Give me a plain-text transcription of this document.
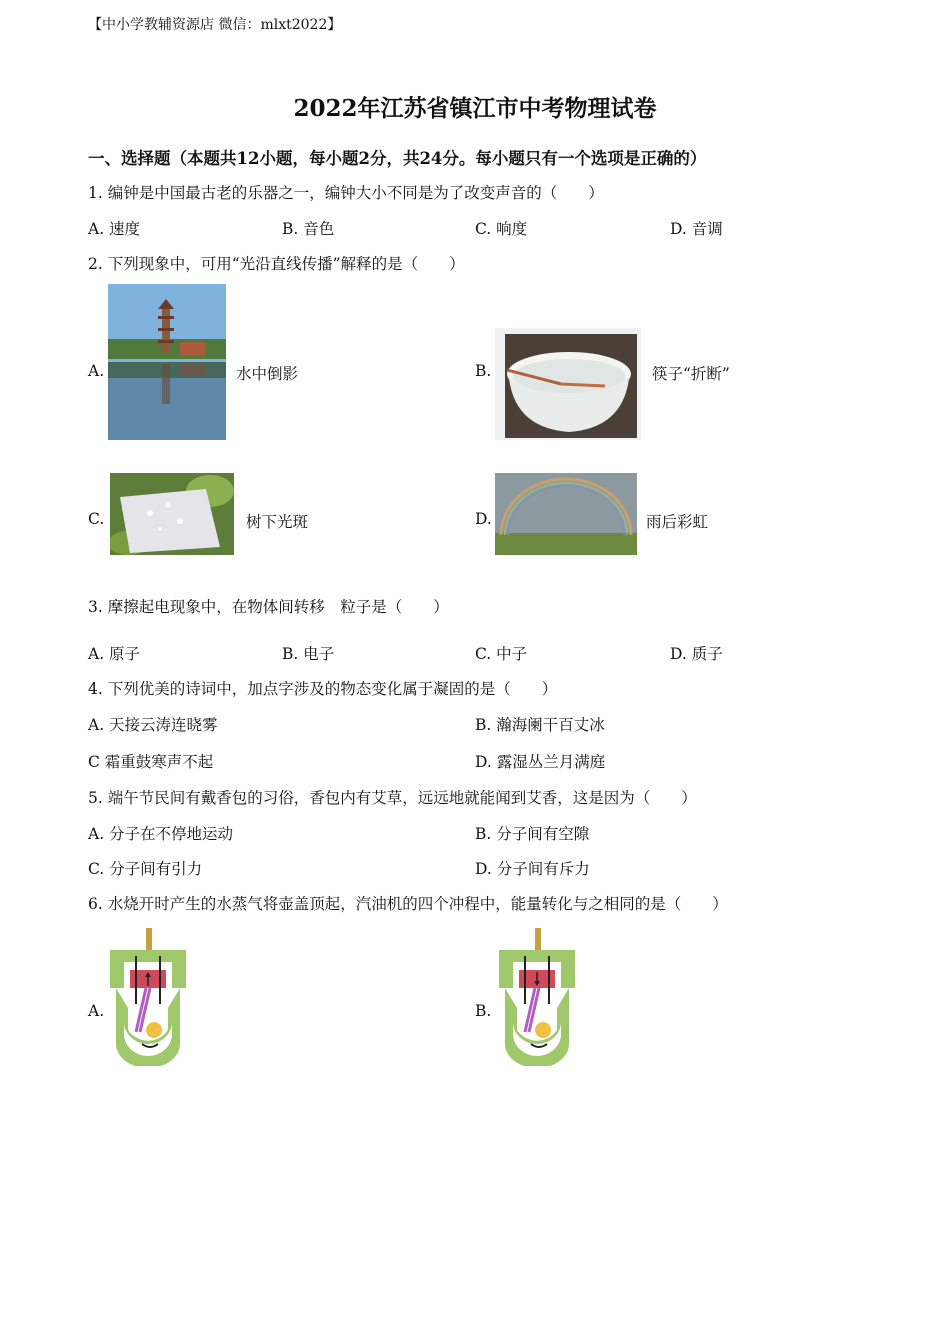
【中小学教辅资源店 微信：mlxt2022】
2022年江苏省镇江市中考物理试卷
一、选择题（本题共12小题，每小题2分，共24分。每小题只有一个选项是正确的）
1. 编钟是中国最古老的乐器之一，编钟大小不同是为了改变声音的（　　）
A. 速度	B. 音色	C. 响度	D. 音调
2. 下列现象中，可用“光沿直线传播”解释的是（　　）
A.	水中倒影	B.	筷子“折断”
C.	树下光斑	D.	雨后彩虹
3. 摩擦起电现象中，在物体间转移　粒子是（　　）
A. 原子	B. 电子	C. 中子	D. 质子
4. 下列优美的诗词中，加点字涉及的物态变化属于凝固的是（　　）
A. 天接云涛连晓雾	B. 瀚海阑干百丈冰
C 霜重鼓寒声不起	D. 露湿丛兰月满庭
5. 端午节民间有戴香包的习俗，香包内有艾草，远远地就能闻到艾香，这是因为（　　）
A. 分子在不停地运动	B. 分子间有空隙
C. 分子间有引力	D. 分子间有斥力
6. 水烧开时产生的水蒸气将壶盖顶起，汽油机的四个冲程中，能量转化与之相同的是（　　）
A.	B.
